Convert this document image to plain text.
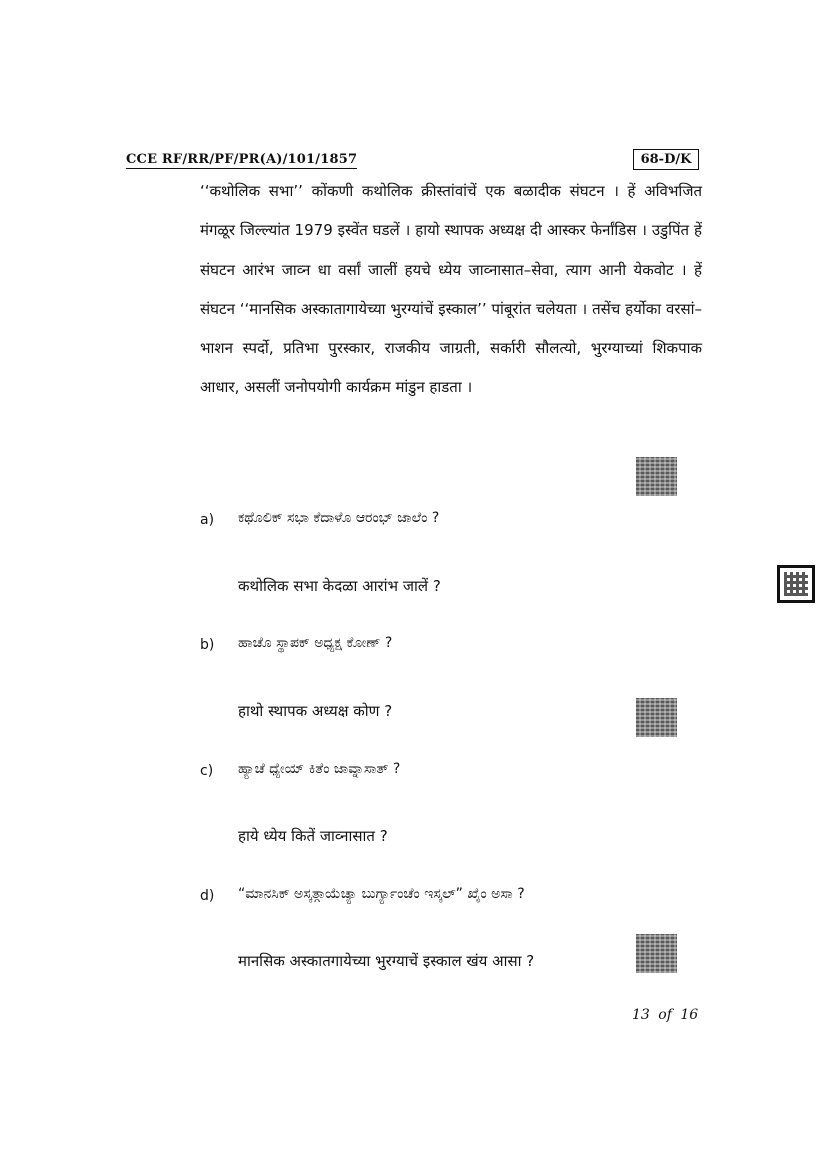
CCE RF/RR/PF/PR(A)/101/1857	68-D/K

‘‘कथोलिक सभा’’ कोंकणी कथोलिक क्रीस्तांवांचें एक बळादीक संघटन । हें अविभजित मंगळूर जिल्ल्यांत 1979 इस्वेंत घडलें । हायो स्थापक अध्यक्ष दी आस्कर फेर्नांडिस । उडुपिंत हें संघटन आरंभ जाव्न धा वर्सां जालीं हयचे ध्येय जाव्नासात–सेवा, त्याग आनी येकवोट । हें संघटन ‘‘मानसिक अस्कातागायेच्या भुरग्यांचें इस्काल’’ पांबूरांत चलेयता । तसेंच हर्योका वरसां–भाशन स्पर्दो, प्रतिभा पुरस्कार, राजकीय जाग्रती, सर्कारी सौलत्यो, भुरग्याच्यां शिकपाक आधार, असलीं जनोपयोगी कार्यक्रम मांडुन हाडता ।

a) ಕಥೊಲಿಕ್ ಸಭಾ ಕೆದಾಳೊ ಆರಂಭ್ ಜಾಲೆಂ ?
कथोलिक सभा केदळा आरांभ जालें ?
b) ಹಾಚೊ ಸ್ಥಾಪಕ್ ಅಧ್ಯಕ್ಷ ಕೋಣ್ ?
हाथो स्थापक अध्यक्ष कोण ?
c) ಹ್ಯಾಚೆ ಧ್ಯೇಯ್ ಕಿತೆಂ ಜಾವ್ನಾಸಾತ್ ?
हाये ध्येय कितें जाव्नासात ?
d) “ಮಾನಸಿಕ್ ಅಸ್ಕತ್ಗಾಯೆಚ್ಯಾ ಬುರ್ಗ್ಯಾಂಚೆಂ ಇಸ್ಕಲ್” ಖೈಂ ಅಸಾ ?
मानसिक अस्कातगायेच्या भुरग्याचें इस्काल खंय आसा ?
13 of 16
